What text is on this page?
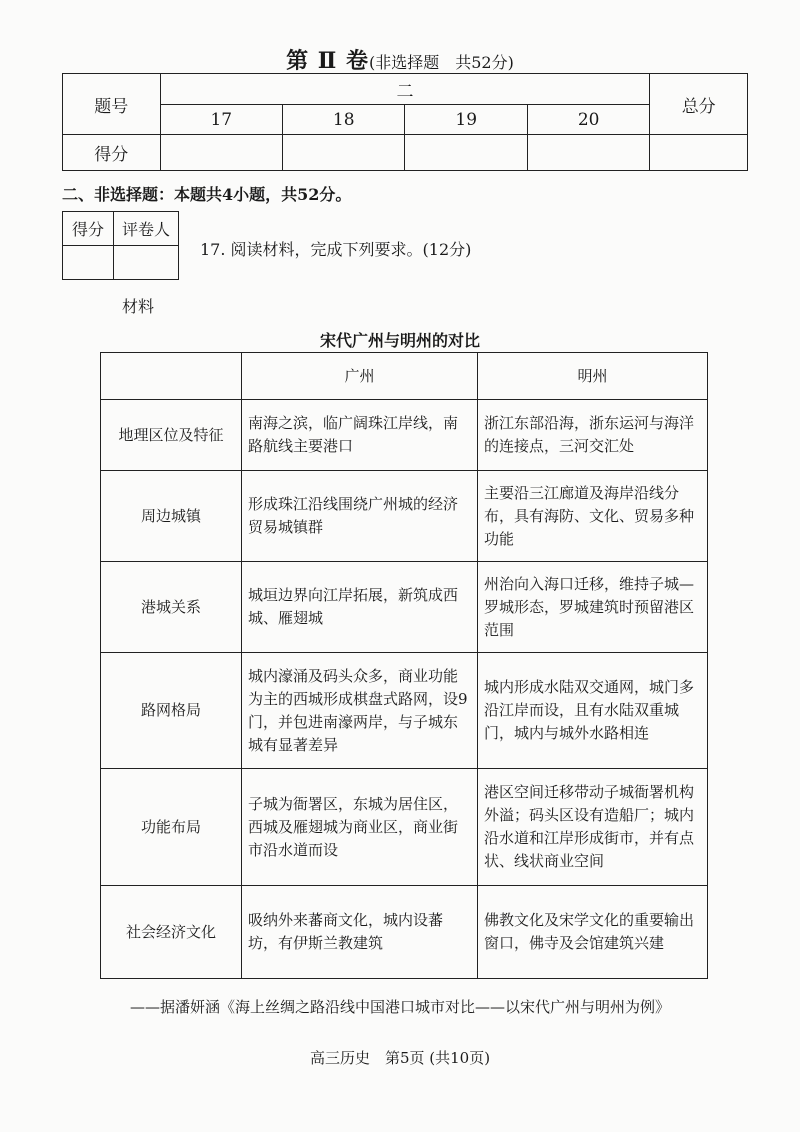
第 Ⅱ 卷(非选择题　共52分)
题号	二				总分
	17	18	19	20	
得分					
二、非选择题：本题共4小题，共52分。
得分	评卷人

17. 阅读材料，完成下列要求。(12分)
材料
宋代广州与明州的对比
	广州	明州
地理区位及特征	南海之滨，临广阔珠江岸线，南路航线主要港口	浙江东部沿海，浙东运河与海洋的连接点，三河交汇处
周边城镇	形成珠江沿线围绕广州城的经济贸易城镇群	主要沿三江廊道及海岸沿线分布，具有海防、文化、贸易多种功能
港城关系	城垣边界向江岸拓展，新筑成西城、雁翅城	州治向入海口迁移，维持子城—罗城形态，罗城建筑时预留港区范围
路网格局	城内濠涌及码头众多，商业功能为主的西城形成棋盘式路网，设9门，并包进南濠两岸，与子城东城有显著差异	城内形成水陆双交通网，城门多沿江岸而设，且有水陆双重城门，城内与城外水路相连
功能布局	子城为衙署区，东城为居住区，西城及雁翅城为商业区，商业街市沿水道而设	港区空间迁移带动子城衙署机构外溢；码头区设有造船厂；城内沿水道和江岸形成街市，并有点状、线状商业空间
社会经济文化	吸纳外来蕃商文化，城内设蕃坊，有伊斯兰教建筑	佛教文化及宋学文化的重要输出窗口，佛寺及会馆建筑兴建
——据潘妍涵《海上丝绸之路沿线中国港口城市对比——以宋代广州与明州为例》
高三历史　第5页 (共10页)
